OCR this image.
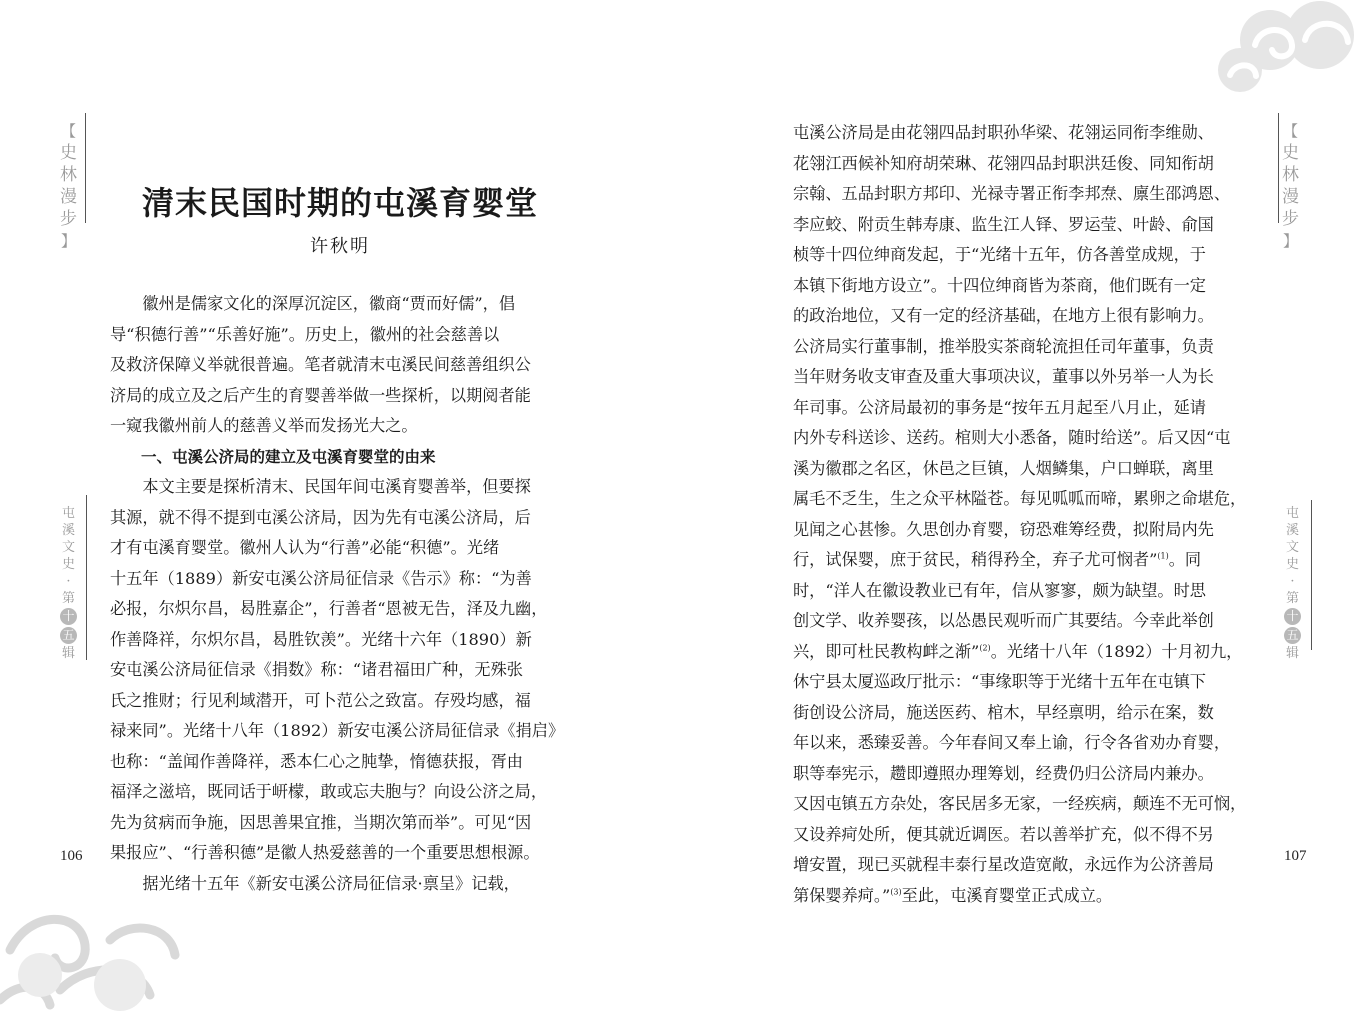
【
史
林
漫
步
】
屯
溪
文
史
·
第
十
五
辑
106
清末民国时期的屯溪育婴堂
许秋明
　　徽州是儒家文化的深厚沉淀区，徽商“贾而好儒”，倡
导“积德行善”“乐善好施”。历史上，徽州的社会慈善以
及救济保障义举就很普遍。笔者就清末屯溪民间慈善组织公
济局的成立及之后产生的育婴善举做一些探析，以期阅者能
一窥我徽州前人的慈善义举而发扬光大之。
　　一、屯溪公济局的建立及屯溪育婴堂的由来
　　本文主要是探析清末、民国年间屯溪育婴善举，但要探
其源，就不得不提到屯溪公济局，因为先有屯溪公济局，后
才有屯溪育婴堂。徽州人认为“行善”必能“积德”。光绪
十五年（1889）新安屯溪公济局征信录《告示》称：“为善
必报，尔炽尔昌，曷胜嘉企”，行善者“恩被无告，泽及九幽，
作善降祥，尔炽尔昌，曷胜钦羡”。光绪十六年（1890）新
安屯溪公济局征信录《捐数》称：“诸君福田广种，无殊张
氏之推财；行见利域潜开，可卜范公之致富。存殁均感，福
禄来同”。光绪十八年（1892）新安屯溪公济局征信录《捐启》
也称：“盖闻作善降祥，悉本仁心之肫挚，惰德获报，胥由
福泽之滋培，既同话于岍檬，敢或忘夫胞与？向设公济之局，
先为贫病而争施，因思善果宜推，当期次第而举”。可见“因
果报应”、“行善积德”是徽人热爱慈善的一个重要思想根源。
　　据光绪十五年《新安屯溪公济局征信录·禀呈》记载，
屯溪公济局是由花翎四品封职孙华梁、花翎运同衔李维勋、
花翎江西候补知府胡荣琳、花翎四品封职洪廷俊、同知衔胡
宗翰、五品封职方邦印、光禄寺署正衔李邦焘、廪生邵鸿恩、
李应蛟、附贡生韩寿康、监生江人铎、罗运莹、叶龄、俞国
桢等十四位绅商发起，于“光绪十五年，仿各善堂成规，于
本镇下街地方设立”。十四位绅商皆为茶商，他们既有一定
的政治地位，又有一定的经济基础，在地方上很有影响力。
公济局实行董事制，推举股实茶商轮流担任司年董事，负责
当年财务收支审查及重大事项决议，董事以外另举一人为长
年司事。公济局最初的事务是“按年五月起至八月止，延请
内外专科送诊、送药。棺则大小悉备，随时给送”。后又因“屯
溪为徽郡之名区，休邑之巨镇，人烟鳞集，户口蝉联，离里
属毛不乏生，生之众平林隘苍。每见呱呱而啼，累卵之命堪危，
见闻之心甚惨。久思创办育婴，窃恐难筹经费，拟附局内先
行，试保婴，庶于贫民，稍得矜全，弃子尤可悯者”$^{(1)}$。同
时，“洋人在徽设教业已有年，信从寥寥，颇为缺望。时思
创文学、收养婴孩，以怂愚民观听而广其要结。今幸此举创
兴，即可杜民教构衅之渐”$^{(2)}$。光绪十八年（1892）十月初九，
休宁县太厦巡政厅批示：“事缘职等于光绪十五年在屯镇下
街创设公济局，施送医药、棺木，早经禀明，给示在案，数
年以来，悉臻妥善。今年春间又奉上谕，行令各省劝办育婴，
职等奉宪示，趱即遵照办理筹划，经费仍归公济局内兼办。
又因屯镇五方杂处，客民居多无家，一经疾病，颠连不无可悯，
又设养疴处所，便其就近调医。若以善举扩充，似不得不另
增安置，现已买就程丰泰行星改造宽敞，永远作为公济善局
第保婴养疴。”$^{(3)}$至此，屯溪育婴堂正式成立。
【
史
林
漫
步
】
屯
溪
文
史
·
第
十
五
辑
107
